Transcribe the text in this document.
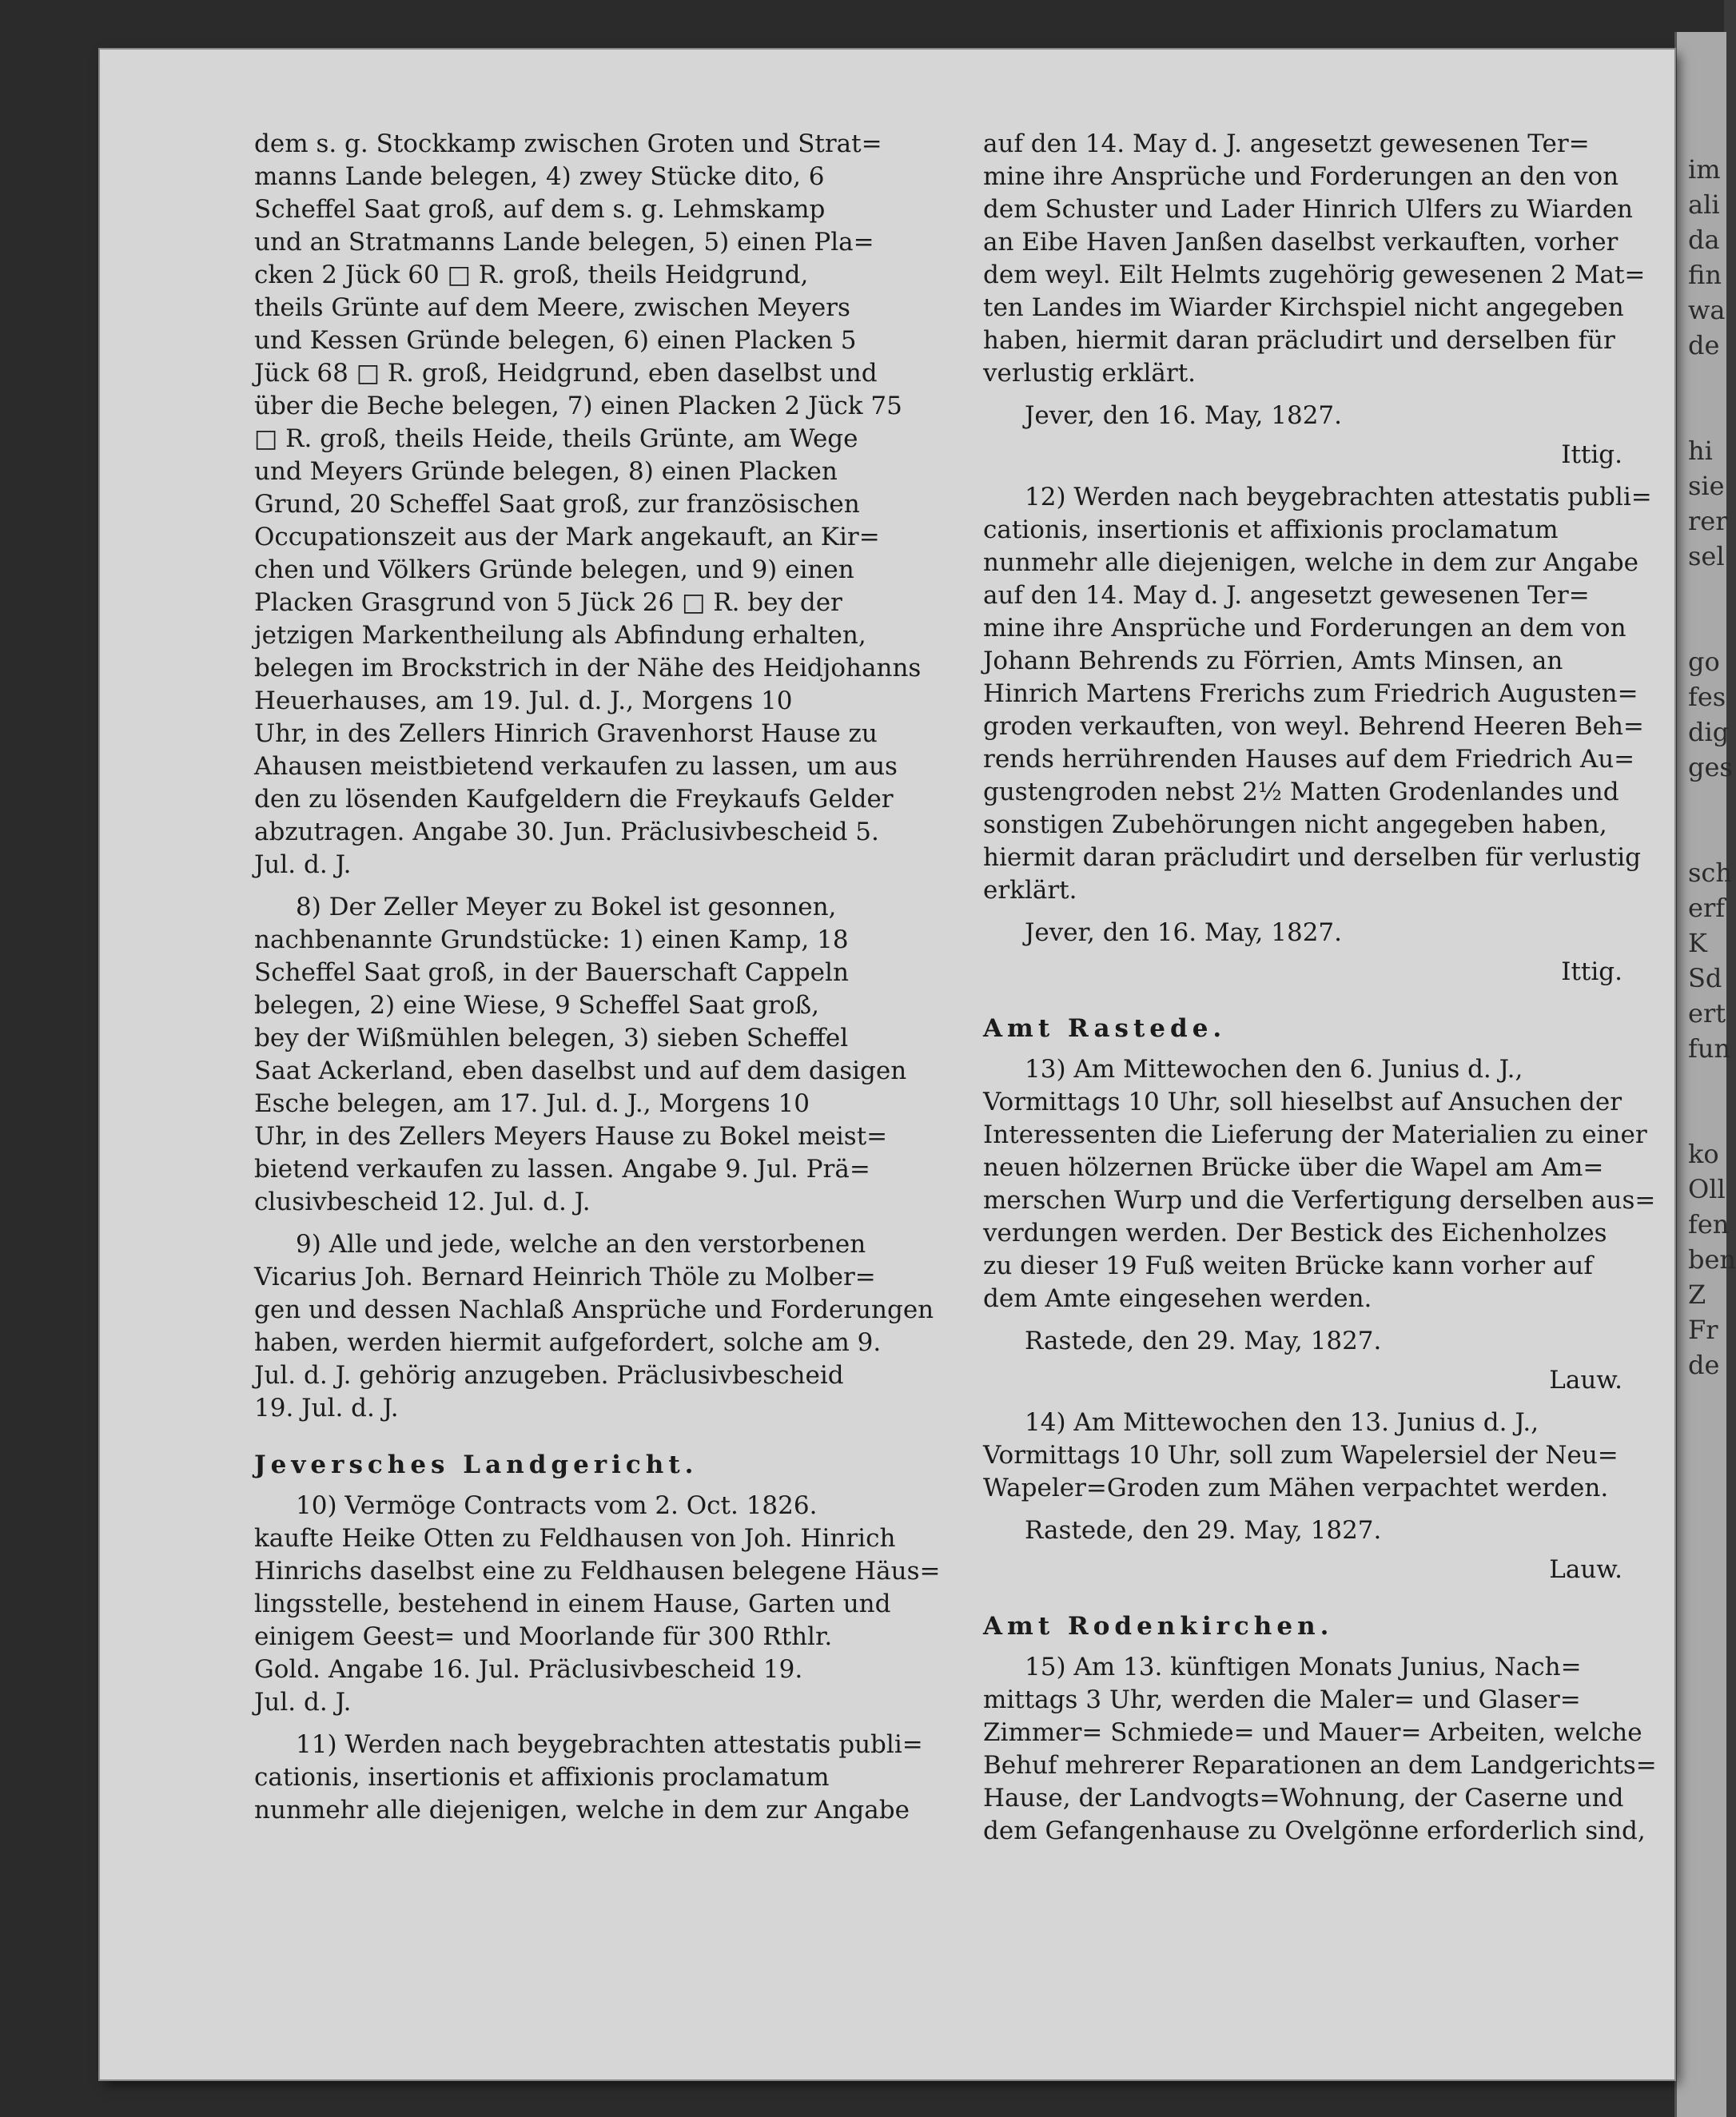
im
ali
da
fin
wa
de
hi
sie
rer
sel
go
fes
dig
ges
sch
erf
K
Sd
ert
fun
ko
Oll
fen
ben
Z
Fr
de
dem s. g. Stockkamp zwischen Groten und Strat=
manns Lande belegen, 4) zwey Stücke dito, 6
Scheffel Saat groß, auf dem s. g. Lehmskamp
und an Stratmanns Lande belegen, 5) einen Pla=
cken 2 Jück 60 □ R. groß, theils Heidgrund,
theils Grünte auf dem Meere, zwischen Meyers
und Kessen Gründe belegen, 6) einen Placken 5
Jück 68 □ R. groß, Heidgrund, eben daselbst und
über die Beche belegen, 7) einen Placken 2 Jück 75
□ R. groß, theils Heide, theils Grünte, am Wege
und Meyers Gründe belegen, 8) einen Placken
Grund, 20 Scheffel Saat groß, zur französischen
Occupationszeit aus der Mark angekauft, an Kir=
chen und Völkers Gründe belegen, und 9) einen
Placken Grasgrund von 5 Jück 26 □ R. bey der
jetzigen Markentheilung als Abfindung erhalten,
belegen im Brockstrich in der Nähe des Heidjohanns
Heuerhauses, am 19. Jul. d. J., Morgens 10
Uhr, in des Zellers Hinrich Gravenhorst Hause zu
Ahausen meistbietend verkaufen zu lassen, um aus
den zu lösenden Kaufgeldern die Freykaufs Gelder
abzutragen. Angabe 30. Jun. Präclusivbescheid 5.
Jul. d. J.
8) Der Zeller Meyer zu Bokel ist gesonnen,
nachbenannte Grundstücke: 1) einen Kamp, 18
Scheffel Saat groß, in der Bauerschaft Cappeln
belegen, 2) eine Wiese, 9 Scheffel Saat groß,
bey der Wißmühlen belegen, 3) sieben Scheffel
Saat Ackerland, eben daselbst und auf dem dasigen
Esche belegen, am 17. Jul. d. J., Morgens 10
Uhr, in des Zellers Meyers Hause zu Bokel meist=
bietend verkaufen zu lassen. Angabe 9. Jul. Prä=
clusivbescheid 12. Jul. d. J.
9) Alle und jede, welche an den verstorbenen
Vicarius Joh. Bernard Heinrich Thöle zu Molber=
gen und dessen Nachlaß Ansprüche und Forderungen
haben, werden hiermit aufgefordert, solche am 9.
Jul. d. J. gehörig anzugeben. Präclusivbescheid
19. Jul. d. J.
Jeversches Landgericht.
10) Vermöge Contracts vom 2. Oct. 1826.
kaufte Heike Otten zu Feldhausen von Joh. Hinrich
Hinrichs daselbst eine zu Feldhausen belegene Häus=
lingsstelle, bestehend in einem Hause, Garten und
einigem Geest= und Moorlande für 300 Rthlr.
Gold. Angabe 16. Jul. Präclusivbescheid 19.
Jul. d. J.
11) Werden nach beygebrachten attestatis publi=
cationis, insertionis et affixionis proclamatum
nunmehr alle diejenigen, welche in dem zur Angabe
auf den 14. May d. J. angesetzt gewesenen Ter=
mine ihre Ansprüche und Forderungen an den von
dem Schuster und Lader Hinrich Ulfers zu Wiarden
an Eibe Haven Janßen daselbst verkauften, vorher
dem weyl. Eilt Helmts zugehörig gewesenen 2 Mat=
ten Landes im Wiarder Kirchspiel nicht angegeben
haben, hiermit daran präcludirt und derselben für
verlustig erklärt.
Jever, den 16. May, 1827.
Ittig.
12) Werden nach beygebrachten attestatis publi=
cationis, insertionis et affixionis proclamatum
nunmehr alle diejenigen, welche in dem zur Angabe
auf den 14. May d. J. angesetzt gewesenen Ter=
mine ihre Ansprüche und Forderungen an dem von
Johann Behrends zu Förrien, Amts Minsen, an
Hinrich Martens Frerichs zum Friedrich Augusten=
groden verkauften, von weyl. Behrend Heeren Beh=
rends herrührenden Hauses auf dem Friedrich Au=
gustengroden nebst 2½ Matten Grodenlandes und
sonstigen Zubehörungen nicht angegeben haben,
hiermit daran präcludirt und derselben für verlustig
erklärt.
Jever, den 16. May, 1827.
Ittig.
Amt Rastede.
13) Am Mittewochen den 6. Junius d. J.,
Vormittags 10 Uhr, soll hieselbst auf Ansuchen der
Interessenten die Lieferung der Materialien zu einer
neuen hölzernen Brücke über die Wapel am Am=
merschen Wurp und die Verfertigung derselben aus=
verdungen werden. Der Bestick des Eichenholzes
zu dieser 19 Fuß weiten Brücke kann vorher auf
dem Amte eingesehen werden.
Rastede, den 29. May, 1827.
Lauw.
14) Am Mittewochen den 13. Junius d. J.,
Vormittags 10 Uhr, soll zum Wapelersiel der Neu=
Wapeler=Groden zum Mähen verpachtet werden.
Rastede, den 29. May, 1827.
Lauw.
Amt Rodenkirchen.
15) Am 13. künftigen Monats Junius, Nach=
mittags 3 Uhr, werden die Maler= und Glaser=
Zimmer= Schmiede= und Mauer= Arbeiten, welche
Behuf mehrerer Reparationen an dem Landgerichts=
Hause, der Landvogts=Wohnung, der Caserne und
dem Gefangenhause zu Ovelgönne erforderlich sind,
